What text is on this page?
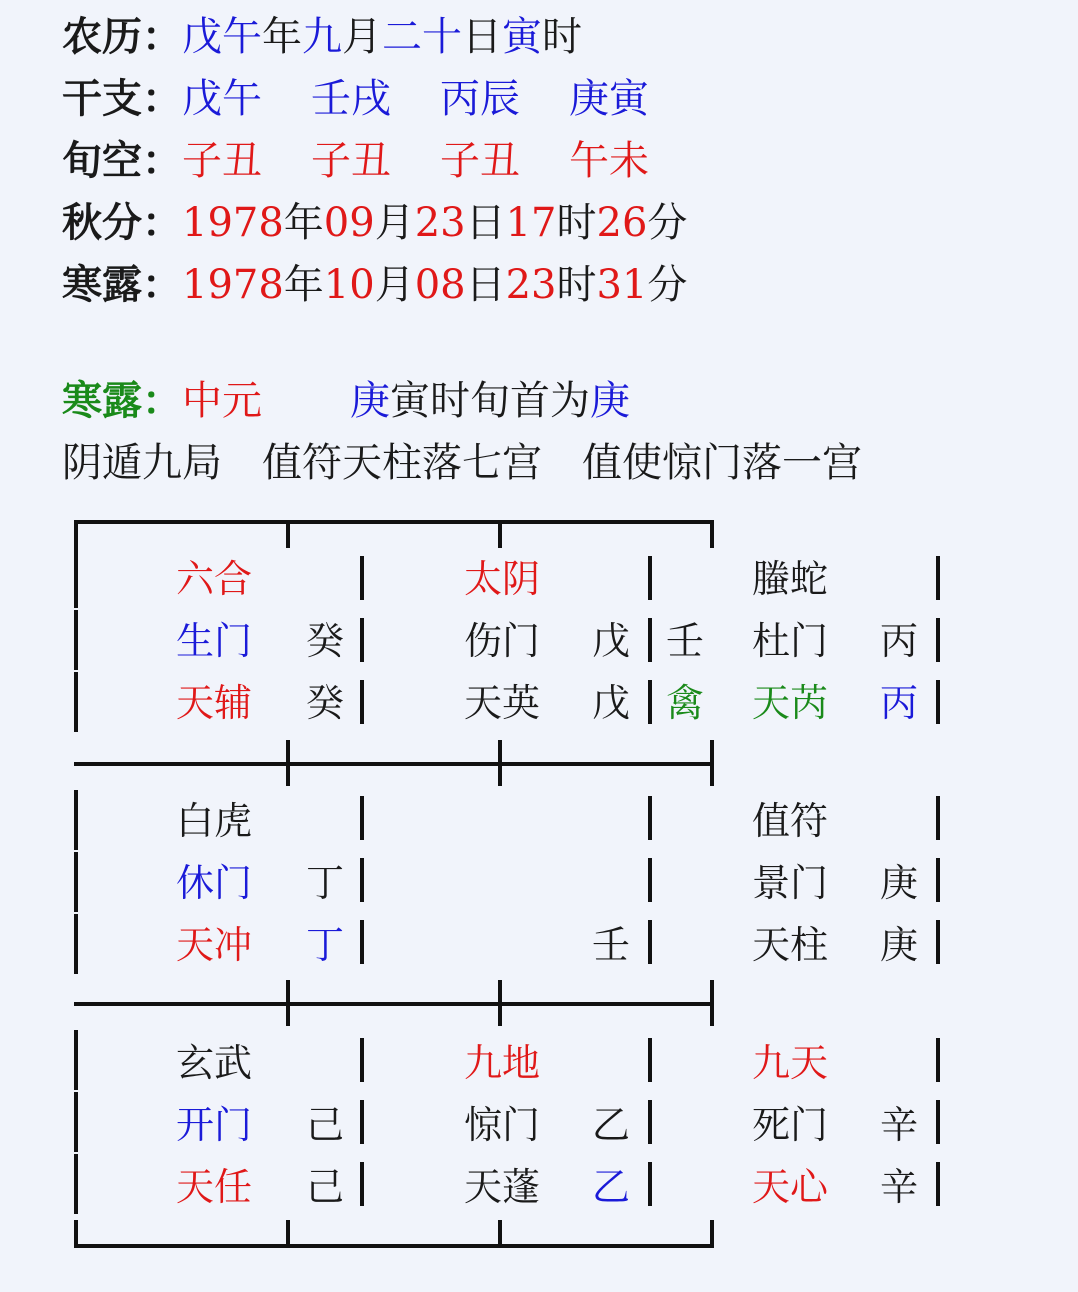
农历：戊午年九月二十日寅时
干支：戊午 壬戌 丙辰 庚寅
旬空：子丑 子丑 子丑 午未
秋分：1978年09月23日17时26分
寒露：1978年10月08日23时31分
寒露：中元 庚寅时旬首为庚
阴遁九局 值符天柱落七宫 值使惊门落一宫
六合
生门 癸
天辅 癸
太阴
伤门 戊
天英 戊
螣蛇
杜门 丙
天芮 丙
壬
禽
白虎
休门 丁
天冲 丁	壬
值符
景门 庚
天柱 庚
玄武
开门 己
天任 己
九地
惊门 乙
天蓬 乙
九天
死门 辛
天心 辛
